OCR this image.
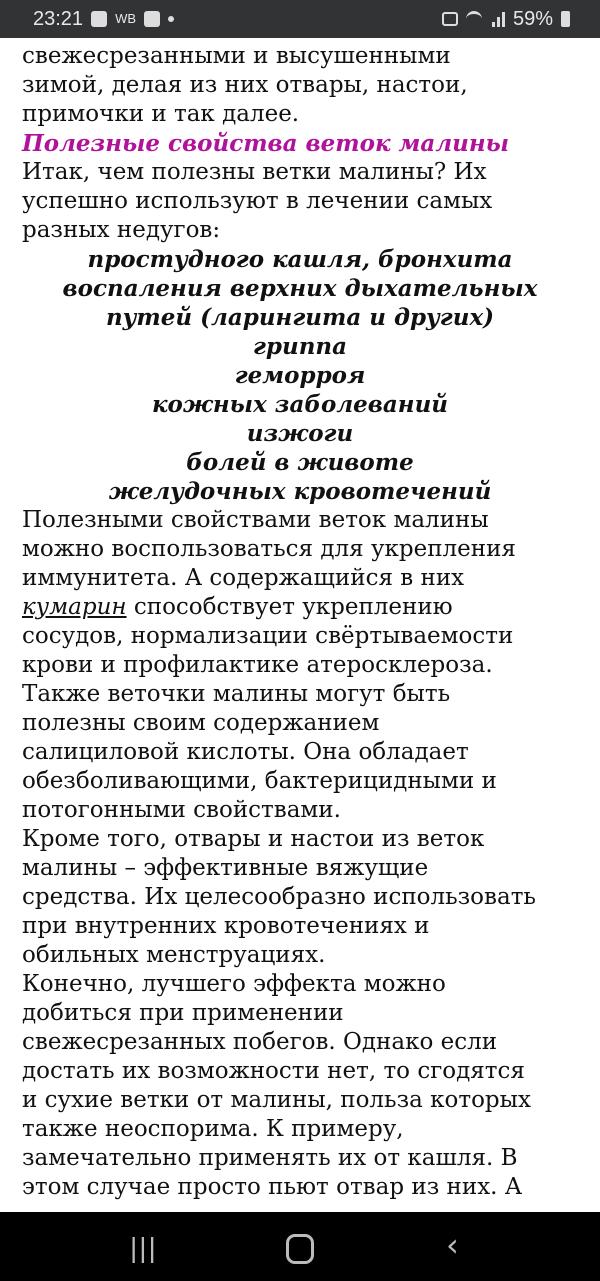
23:21 WB	59%
свежесрезанными и высушенными
зимой, делая из них отвары, настои,
примочки и так далее.
Полезные свойства веток малины
Итак, чем полезны ветки малины? Их
успешно используют в лечении самых
разных недугов:
простудного кашля, бронхита
воспаления верхних дыхательных
путей (ларингита и других)
гриппа
геморроя
кожных заболеваний
изжоги
болей в животе
желудочных кровотечений
Полезными свойствами веток малины
можно воспользоваться для укрепления
иммунитета. А содержащийся в них
кумарин способствует укреплению
сосудов, нормализации свёртываемости
крови и профилактике атеросклероза.
Также веточки малины могут быть
полезны своим содержанием
салициловой кислоты. Она обладает
обезболивающими, бактерицидными и
потогонными свойствами.
Кроме того, отвары и настои из веток
малины – эффективные вяжущие
средства. Их целесообразно использовать
при внутренних кровотечениях и
обильных менструациях.
Конечно, лучшего эффекта можно
добиться при применении
свежесрезанных побегов. Однако если
достать их возможности нет, то сгодятся
и сухие ветки от малины, польза которых
также неоспорима. К примеру,
замечательно применять их от кашля. В
этом случае просто пьют отвар из них. А
|||	‹
